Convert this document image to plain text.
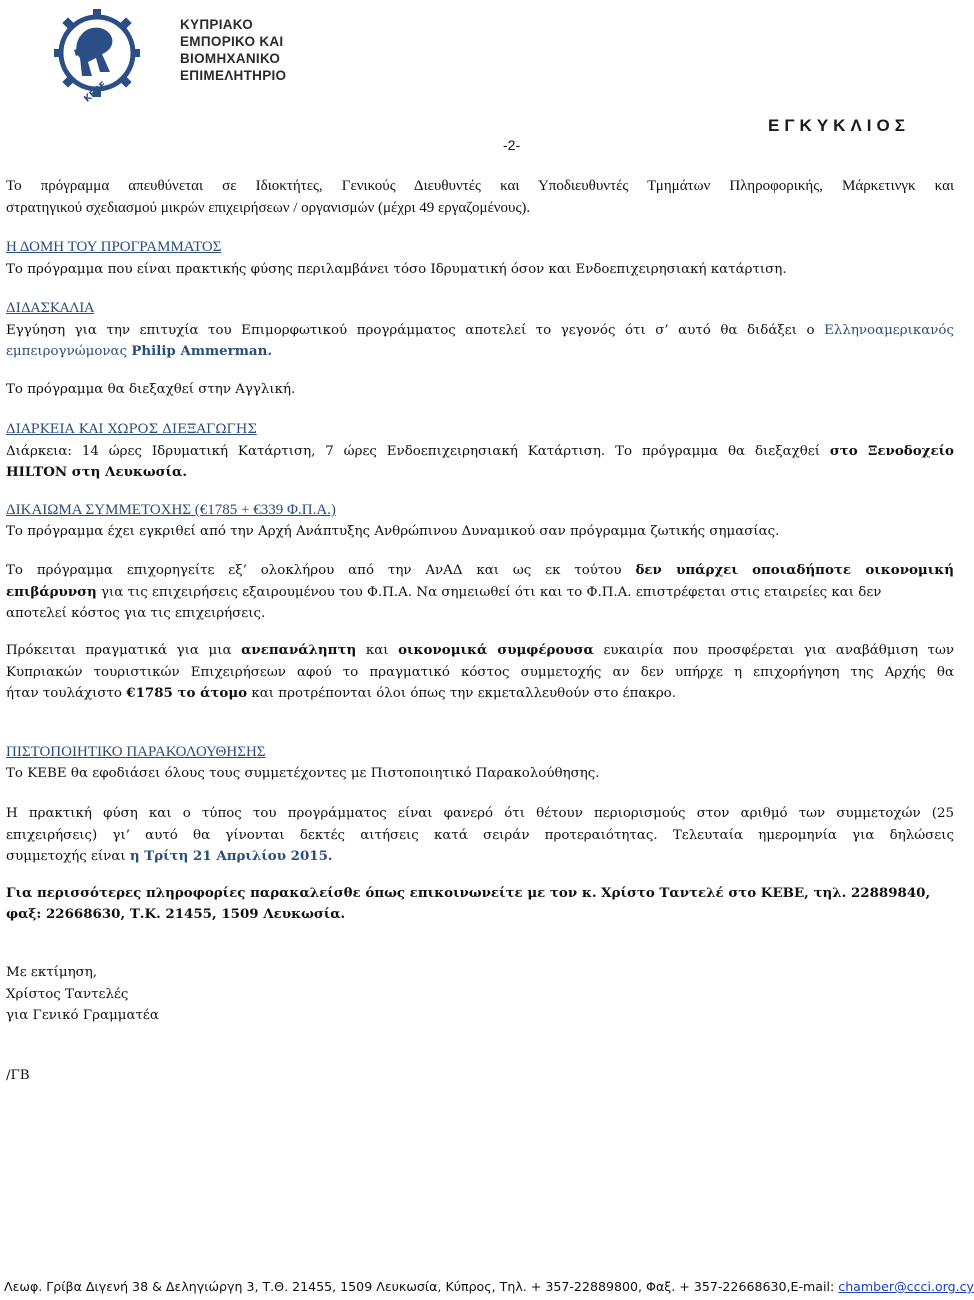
ΚΕΒΕ
ΚΥΠΡΙΑΚΟ
ΕΜΠΟΡΙΚΟ ΚΑΙ
ΒΙΟΜΗΧΑΝΙΚΟ
ΕΠΙΜΕΛΗΤΗΡΙΟ
ΕΓΚΥΚΛΙΟΣ
-2-
Το πρόγραμμα απευθύνεται σε Ιδιοκτήτες, Γενικούς Διευθυντές και Υποδιευθυντές Τμημάτων Πληροφορικής, Μάρκετινγκ και
στρατηγικού σχεδιασμού μικρών επιχειρήσεων / οργανισμών (μέχρι 49 εργαζομένους).
Η ΔΟΜΗ ΤΟΥ ΠΡΟΓΡΑΜΜΑΤΟΣ
Το πρόγραμμα που είναι πρακτικής φύσης περιλαμβάνει τόσο Ιδρυματική όσον και Ενδοεπιχειρησιακή κατάρτιση.
ΔΙΔΑΣΚΑΛΙΑ
Εγγύηση για την επιτυχία του Επιμορφωτικού προγράμματος αποτελεί το γεγονός ότι σ’ αυτό θα διδάξει ο Ελληνοαμερικανός
εμπειρογνώμονας Philip Ammerman.
Το πρόγραμμα θα διεξαχθεί στην Αγγλική.
ΔΙΑΡΚΕΙΑ ΚΑΙ ΧΩΡΟΣ ΔΙΕΞΑΓΩΓΗΣ
Διάρκεια: 14 ώρες Ιδρυματική Κατάρτιση, 7 ώρες Ενδοεπιχειρησιακή Κατάρτιση. Το πρόγραμμα θα διεξαχθεί στο Ξενοδοχείο
HILTON στη Λευκωσία.
ΔΙΚΑΙΩΜΑ ΣΥΜΜΕΤΟΧΗΣ (€1785 + €339 Φ.Π.Α.)
Το πρόγραμμα έχει εγκριθεί από την Αρχή Ανάπτυξης Ανθρώπινου Δυναμικού σαν πρόγραμμα ζωτικής σημασίας.
Το πρόγραμμα επιχορηγείτε εξ’ ολοκλήρου από την ΑνΑΔ και ως εκ τούτου δεν υπάρχει οποιαδήποτε οικονομική
επιβάρυνση για τις επιχειρήσεις εξαιρουμένου του Φ.Π.Α. Να σημειωθεί ότι και το Φ.Π.Α. επιστρέφεται στις εταιρείες και δεν
αποτελεί κόστος για τις επιχειρήσεις.
Πρόκειται πραγματικά για μια ανεπανάληπτη και οικονομικά συμφέρουσα ευκαιρία που προσφέρεται για αναβάθμιση των
Κυπριακών τουριστικών Επιχειρήσεων αφού το πραγματικό κόστος συμμετοχής αν δεν υπήρχε η επιχορήγηση της Αρχής θα
ήταν τουλάχιστο €1785 το άτομο και προτρέπονται όλοι όπως την εκμεταλλευθούν στο έπακρο.
ΠΙΣΤΟΠΟΙΗΤΙΚΟ ΠΑΡΑΚΟΛΟΥΘΗΣΗΣ
Το ΚΕΒΕ θα εφοδιάσει όλους τους συμμετέχοντες με Πιστοποιητικό Παρακολούθησης.
Η πρακτική φύση και ο τύπος του προγράμματος είναι φανερό ότι θέτουν περιορισμούς στον αριθμό των συμμετοχών (25
επιχειρήσεις) γι’ αυτό θα γίνονται δεκτές αιτήσεις κατά σειράν προτεραιότητας. Τελευταία ημερομηνία για δηλώσεις
συμμετοχής είναι η Τρίτη 21 Απριλίου 2015.
Για περισσότερες πληροφορίες παρακαλείσθε όπως επικοινωνείτε με τον κ. Χρίστο Ταντελέ στο ΚΕΒΕ, τηλ. 22889840,
φαξ: 22668630, Τ.Κ. 21455, 1509 Λευκωσία.
Με εκτίμηση,
Χρίστος Ταντελές
για Γενικό Γραμματέα
/ΓΒ
Λεωφ. Γρίβα Διγενή 38 & Δεληγιώργη 3, Τ.Θ. 21455, 1509 Λευκωσία, Κύπρος, Τηλ. + 357-22889800, Φαξ. + 357-22668630,E-mail: chamber@ccci.org.cy
